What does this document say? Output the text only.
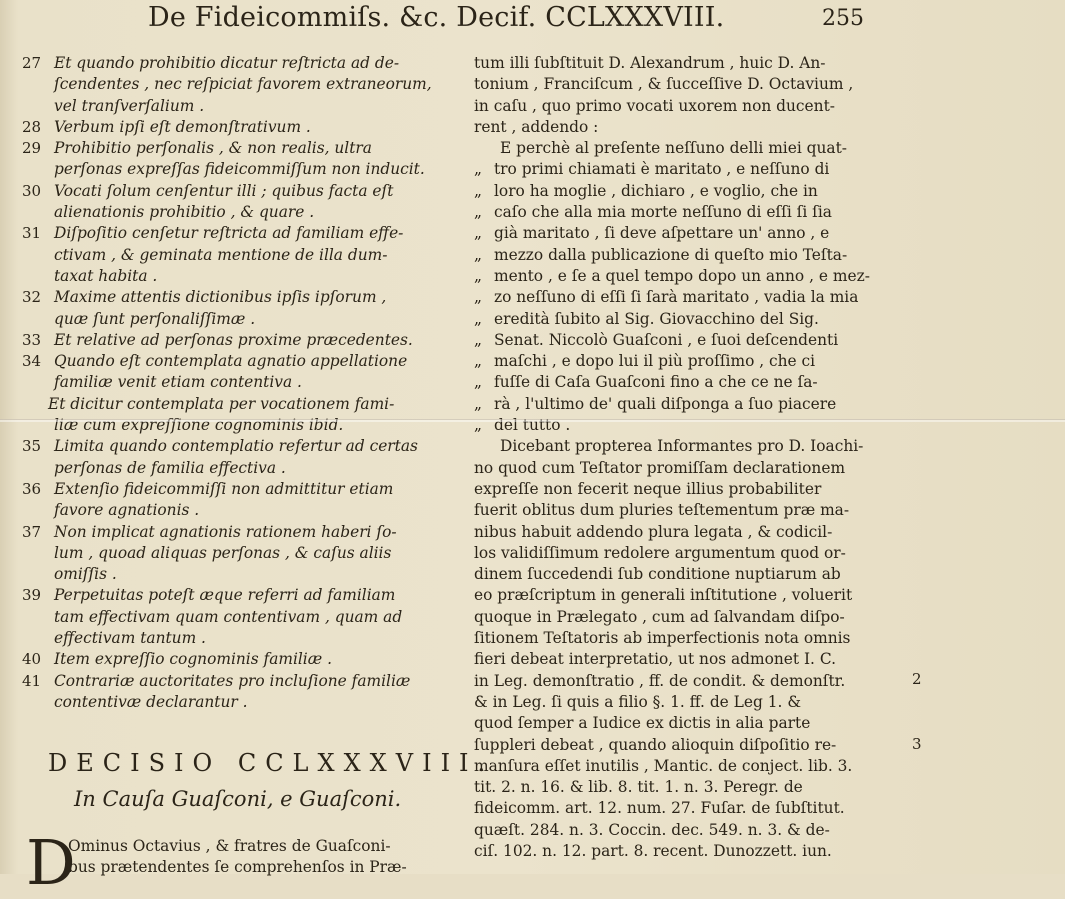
De Fideicommiſs. &c. Decif. CCLXXXVIII.	255
27 Et quando prohibitio dicatur reſtricta ad de-
ſcendentes , nec reſpiciat favorem extraneorum,
vel tranſverſalium .
28 Verbum ipſi eſt demonſtrativum .
29 Prohibitio perſonalis , & non realis, ultra
perſonas expreſſas fideicommiſſum non inducit.
30 Vocati ſolum cenſentur illi ; quibus facta eſt
alienationis prohibitio , & quare .
31 Diſpoſitio cenſetur reſtricta ad familiam effe-
ctivam , & geminata mentione de illa dum-
taxat habita .
32 Maxime attentis dictionibus ipſis ipſorum ,
quæ ſunt perſonaliſſimæ .
33 Et relative ad perſonas proxime præcedentes.
34 Quando eſt contemplata agnatio appellatione
familiæ venit etiam contentiva .
Et dicitur contemplata per vocationem fami-
liæ cum expreſſione cognominis ibid.
35 Limita quando contemplatio refertur ad certas
perſonas de familia effectiva .
36 Extenſio fideicommiſſi non admittitur etiam
favore agnationis .
37 Non implicat agnationis rationem haberi ſo-
lum , quoad aliquas perſonas , & caſus aliis
omiſſis .
39 Perpetuitas poteſt æque referri ad familiam
tam effectivam quam contentivam , quam ad
effectivam tantum .
40 Item expreſſio cognominis familiæ .
41 Contrariæ auctoritates pro incluſione familiæ
contentivæ declarantur .
DECISIO CCLXXXVIII.
In Cauſa Guaſconi, e Guaſconi.
D
Ominus Octavius , & fratres de Guaſconi-
bus prætendentes ſe comprehenſos in Præ-
tum illi ſubſtituit D. Alexandrum , huic D. An-
tonium , Franciſcum , & ſucceſſive D. Octavium ,
in caſu , quo primo vocati uxorem non ducent-
rent , addendo :
E perchè al preſente neſſuno delli miei quat-
„ tro primi chiamati è maritato , e neſſuno di
„ loro ha moglie , dichiaro , e voglio, che in
„ caſo che alla mia morte neſſuno di eſſi ſi ſia
„ già maritato , ſi deve aſpettare un' anno , e
„ mezzo dalla publicazione di queſto mio Teſta-
„ mento , e ſe a quel tempo dopo un anno , e mez-
„ zo neſſuno di eſſi ſi ſarà maritato , vadia la mia
„ eredità ſubito al Sig. Giovacchino del Sig.
„ Senat. Niccolò Guaſconi , e ſuoi deſcendenti
„ maſchi , e dopo lui il più proſſimo , che ci
„ fuſſe di Caſa Guaſconi fino a che ce ne ſa-
„ rà , l'ultimo de' quali diſponga a ſuo piacere
„ del tutto .
Dicebant propterea Informantes pro D. Ioachi-
no quod cum Teſtator promiſſam declarationem
expreſſe non fecerit neque illius probabiliter
fuerit oblitus dum pluries teſtementum præ ma-
nibus habuit addendo plura legata , & codicil-
los validiſſimum redolere argumentum quod or-
dinem ſuccedendi ſub conditione nuptiarum ab
eo præſcriptum in generali inſtitutione , voluerit
quoque in Prælegato , cum ad ſalvandam diſpo-
ſitionem Teſtatoris ab imperfectionis nota omnis
fieri debeat interpretatio, ut nos admonet I. C.
in Leg. demonſtratio , ff. de condit. & demonſtr.
& in Leg. ſi quis a filio §. 1. ff. de Leg 1. &
quod ſemper a Iudice ex dictis in alia parte
ſuppleri debeat , quando alioquin diſpoſitio re-
manſura eſſet inutilis , Mantic. de conject. lib. 3.
tit. 2. n. 16. & lib. 8. tit. 1. n. 3. Peregr. de
fideicomm. art. 12. num. 27. Fuſar. de ſubſtitut.
quæſt. 284. n. 3. Coccin. dec. 549. n. 3. & de-
ciſ. 102. n. 12. part. 8. recent. Dunozzett. iun.
2
3
